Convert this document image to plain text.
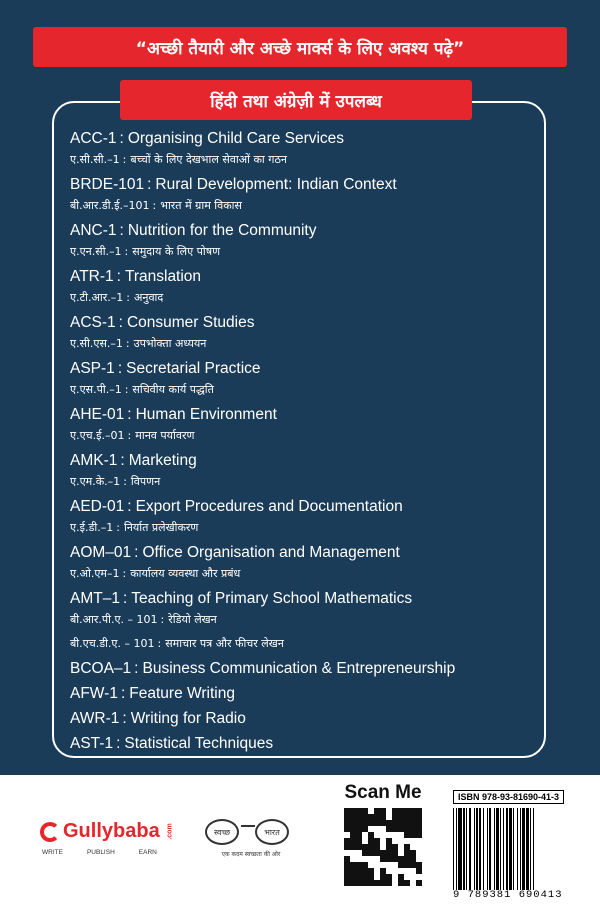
“अच्छी तैयारी और अच्छे मार्क्स के लिए अवश्य पढ़े”
हिंदी तथा अंग्रेज़ी में उपलब्ध
ACC-1 : Organising Child Care Services
ए.सी.सी.–1 : बच्चों के लिए देखभाल सेवाओं का गठन
BRDE-101 : Rural Development: Indian Context
बी.आर.डी.ई.–101 : भारत में ग्राम विकास
ANC-1 : Nutrition for the Community
ए.एन.सी.–1 : समुदाय के लिए पोषण
ATR-1 : Translation
ए.टी.आर.–1 : अनुवाद
ACS-1 : Consumer Studies
ए.सी.एस.–1 : उपभोक्ता अध्ययन
ASP-1 : Secretarial Practice
ए.एस.पी.–1 : सचिवीय कार्य पद्धति
AHE-01 : Human Environment
ए.एच.ई.–01 : मानव पर्यावरण
AMK-1 : Marketing
ए.एम.के.–1 : विपणन
AED-01 : Export Procedures and Documentation
ए.ई.डी.–1 : निर्यात प्रलेखीकरण
AOM–01 : Office Organisation and Management
ए.ओ.एम–1 : कार्यालय व्यवस्था और प्रबंध
AMT–1 : Teaching of Primary School Mathematics
बी.आर.पी.ए. – 101 : रेडियो लेखन
बी.एच.डी.ए. – 101 : समाचार पत्र और फीचर लेखन
BCOA–1 : Business Communication & Entrepreneurship
AFW-1 : Feature Writing
AWR-1 : Writing for Radio
AST-1 : Statistical Techniques
Gullybaba .com
WRITE	PUBLISH	EARN
स्वच्छ	भारत
एक कदम स्वच्छता की ओर
Scan Me	ISBN 978-93-81690-41-3
9 789381 690413
